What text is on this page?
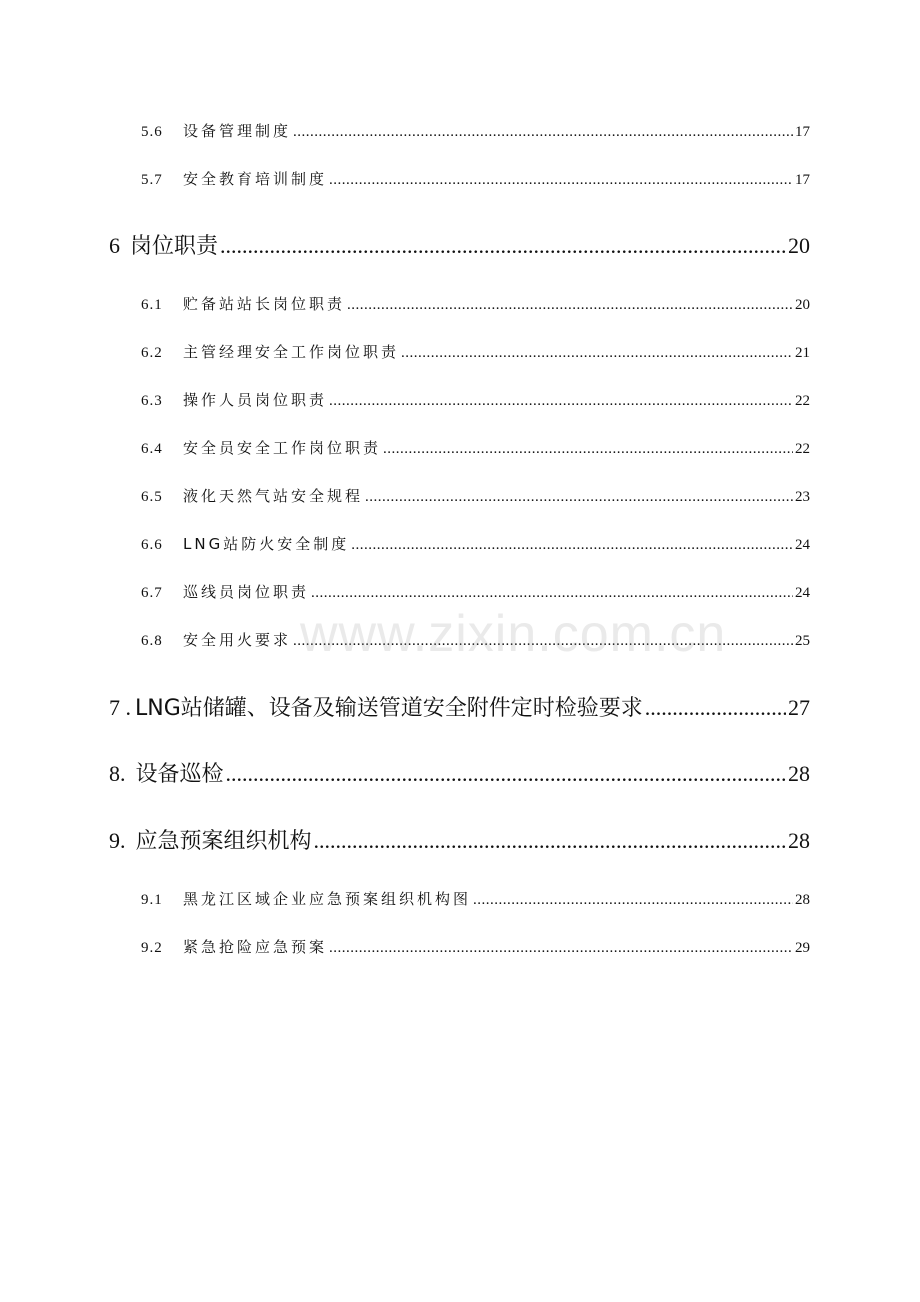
5.6	设备管理制度 .....	17
5.7	安全教育培训制度 .....	17
6 岗位职责 .....	20
6.1	贮备站站长岗位职责 .....	20
6.2	主管经理安全工作岗位职责 .....	21
6.3	操作人员岗位职责 .....	22
6.4	安全员安全工作岗位职责 .....	22
6.5	液化天然气站安全规程 .....	23
6.6	LNG站防火安全制度 .....	24
6.7	巡线员岗位职责 .....	24
6.8	安全用火要求 .....	25
7 . LNG站储罐、设备及输送管道安全附件定时检验要求 .....	27
8. 设备巡检 .....	28
9. 应急预案组织机构 .....	28
9.1	黑龙江区域企业应急预案组织机构图 .....	28
9.2	紧急抢险应急预案 .....	29
www.zixin.com.cn
